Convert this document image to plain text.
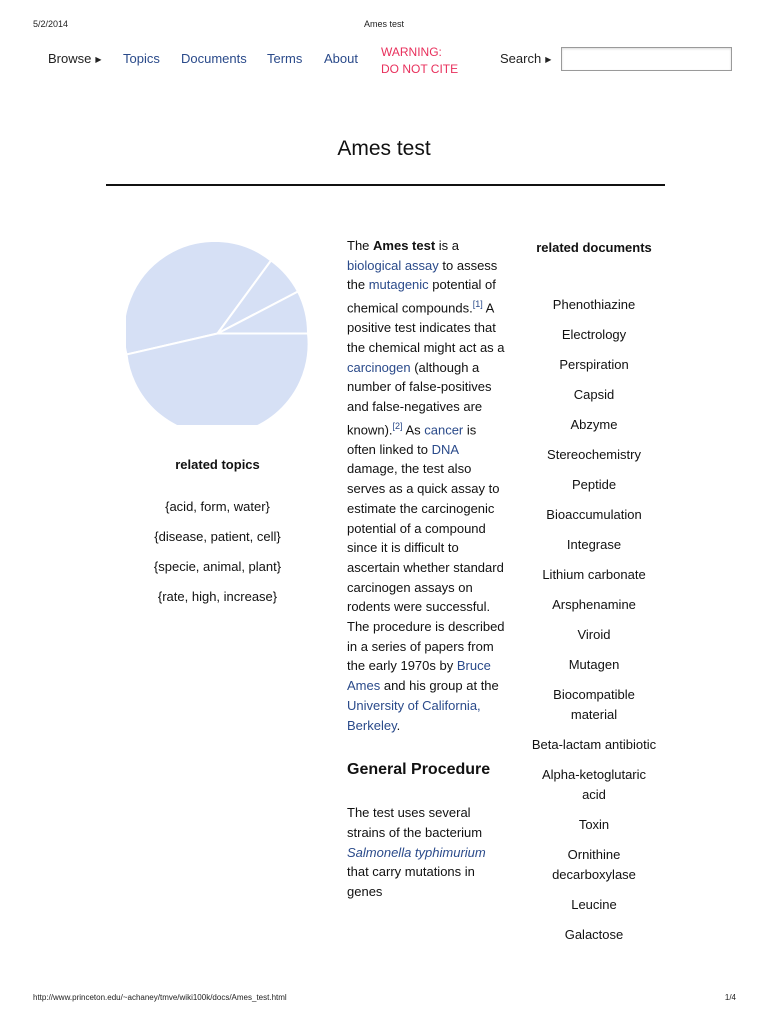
5/2/2014	Ames test
Browse ▶ Topics Documents Terms About WARNING:
DO NOT CITE
Search ▶
Ames test
related topics
{acid, form, water}
{disease, patient, cell}
{specie, animal, plant}
{rate, high, increase}

The Ames test is a biological assay to assess the mutagenic potential of chemical compounds.[1] A positive test indicates that the chemical might act as a carcinogen (although a number of false-positives and false-negatives are known).[2] As cancer is often linked to DNA damage, the test also serves as a quick assay to estimate the carcinogenic potential of a compound since it is difficult to ascertain whether standard carcinogen assays on rodents were successful. The procedure is described in a series of papers from the early 1970s by Bruce Ames and his group at the University of California, Berkeley.

General Procedure

The test uses several strains of the bacterium Salmonella typhimurium that carry mutations in genes

related documents
Phenothiazine
Electrology
Perspiration
Capsid
Abzyme
Stereochemistry
Peptide
Bioaccumulation
Integrase
Lithium carbonate
Arsphenamine
Viroid
Mutagen
Biocompatible material
Beta-lactam antibiotic
Alpha-ketoglutaric acid
Toxin
Ornithine decarboxylase
Leucine
Galactose
http://www.princeton.edu/~achaney/tmve/wiki100k/docs/Ames_test.html	1/4
